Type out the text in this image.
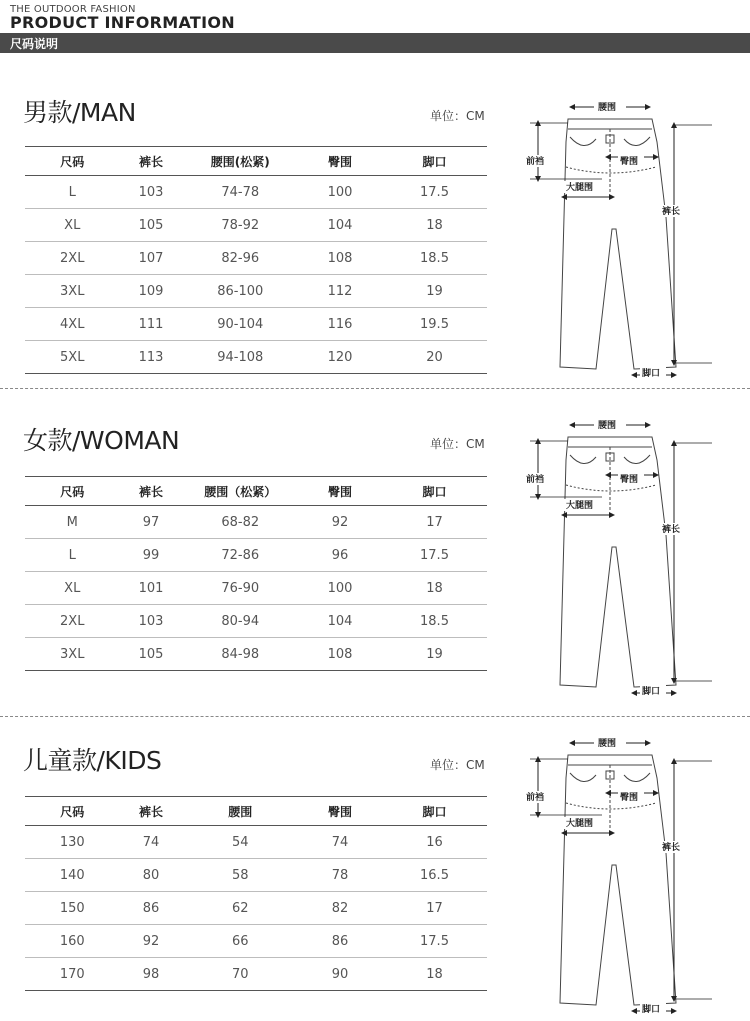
THE OUTDOOR FASHION
PRODUCT INFORMATION
尺码说明
男款/MAN	单位：CM
尺码	裤长	腰围(松紧)	臀围	脚口
L	103	74-78	100	17.5
XL	105	78-92	104	18
2XL	107	82-96	108	18.5
3XL	109	86-100	112	19
4XL	111	90-104	116	19.5
5XL	113	94-108	120	20
腰围
前裆	臀围
大腿围
裤长
脚口
女款/WOMAN	单位：CM
尺码	裤长	腰围（松紧）	臀围	脚口
M	97	68-82	92	17
L	99	72-86	96	17.5
XL	101	76-90	100	18
2XL	103	80-94	104	18.5
3XL	105	84-98	108	19
腰围
前裆	臀围
大腿围
裤长
脚口
儿童款/KIDS	单位：CM
尺码	裤长	腰围	臀围	脚口
130	74	54	74	16
140	80	58	78	16.5
150	86	62	82	17
160	92	66	86	17.5
170	98	70	90	18
腰围
前裆	臀围
大腿围
裤长
脚口
